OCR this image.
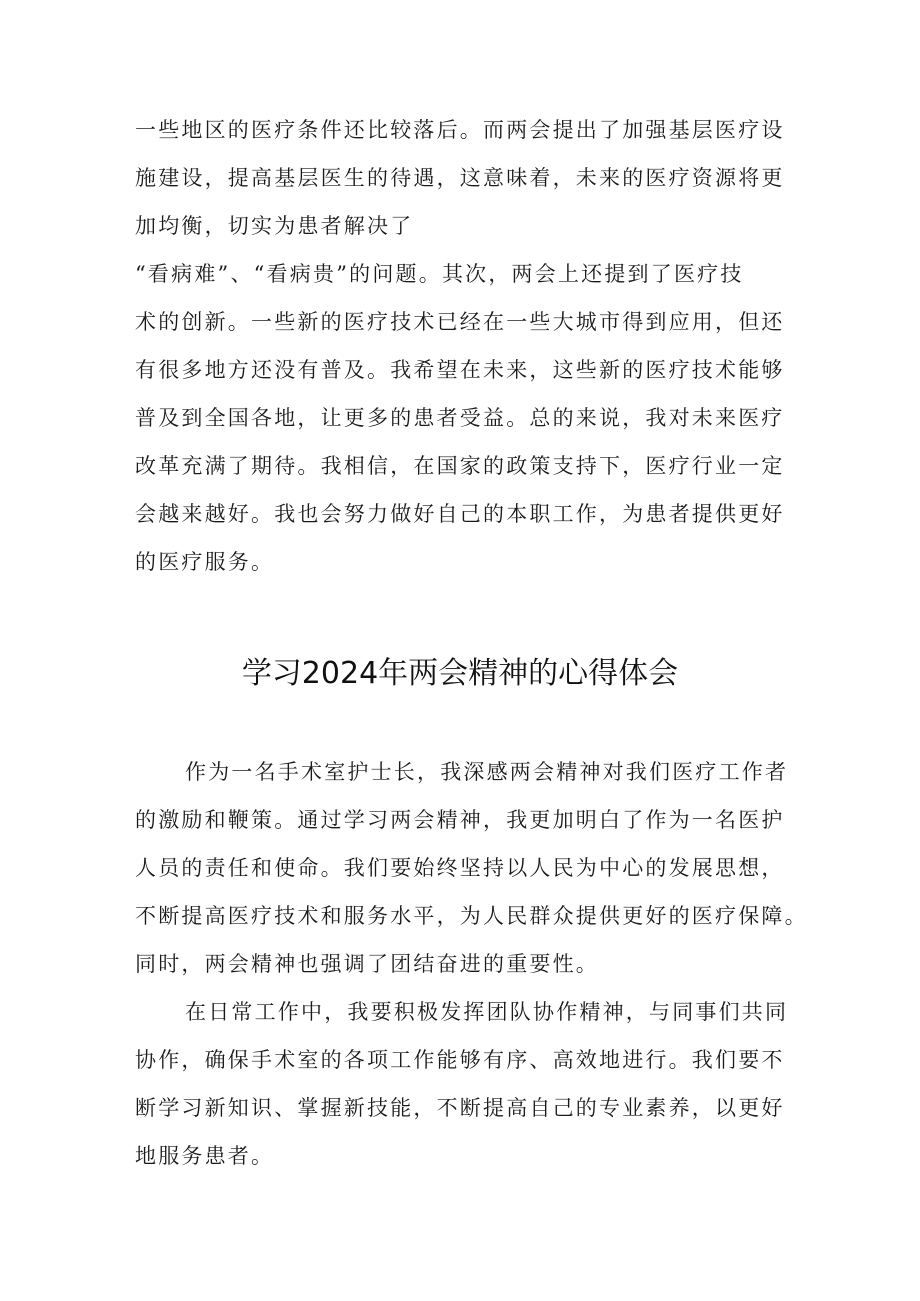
一些地区的医疗条件还比较落后。而两会提出了加强基层医疗设

施建设，提高基层医生的待遇，这意味着，未来的医疗资源将更

加均衡，切实为患者解决了

“看病难”、“看病贵”的问题。其次，两会上还提到了医疗技

术的创新。一些新的医疗技术已经在一些大城市得到应用，但还

有很多地方还没有普及。我希望在未来，这些新的医疗技术能够

普及到全国各地，让更多的患者受益。总的来说，我对未来医疗

改革充满了期待。我相信，在国家的政策支持下，医疗行业一定

会越来越好。我也会努力做好自己的本职工作，为患者提供更好

的医疗服务。

学习2024年两会精神的心得体会

作为一名手术室护士长，我深感两会精神对我们医疗工作者

的激励和鞭策。通过学习两会精神，我更加明白了作为一名医护

人员的责任和使命。我们要始终坚持以人民为中心的发展思想，

不断提高医疗技术和服务水平，为人民群众提供更好的医疗保障。

同时，两会精神也强调了团结奋进的重要性。

在日常工作中，我要积极发挥团队协作精神，与同事们共同

协作，确保手术室的各项工作能够有序、高效地进行。我们要不

断学习新知识、掌握新技能，不断提高自己的专业素养，以更好

地服务患者。
